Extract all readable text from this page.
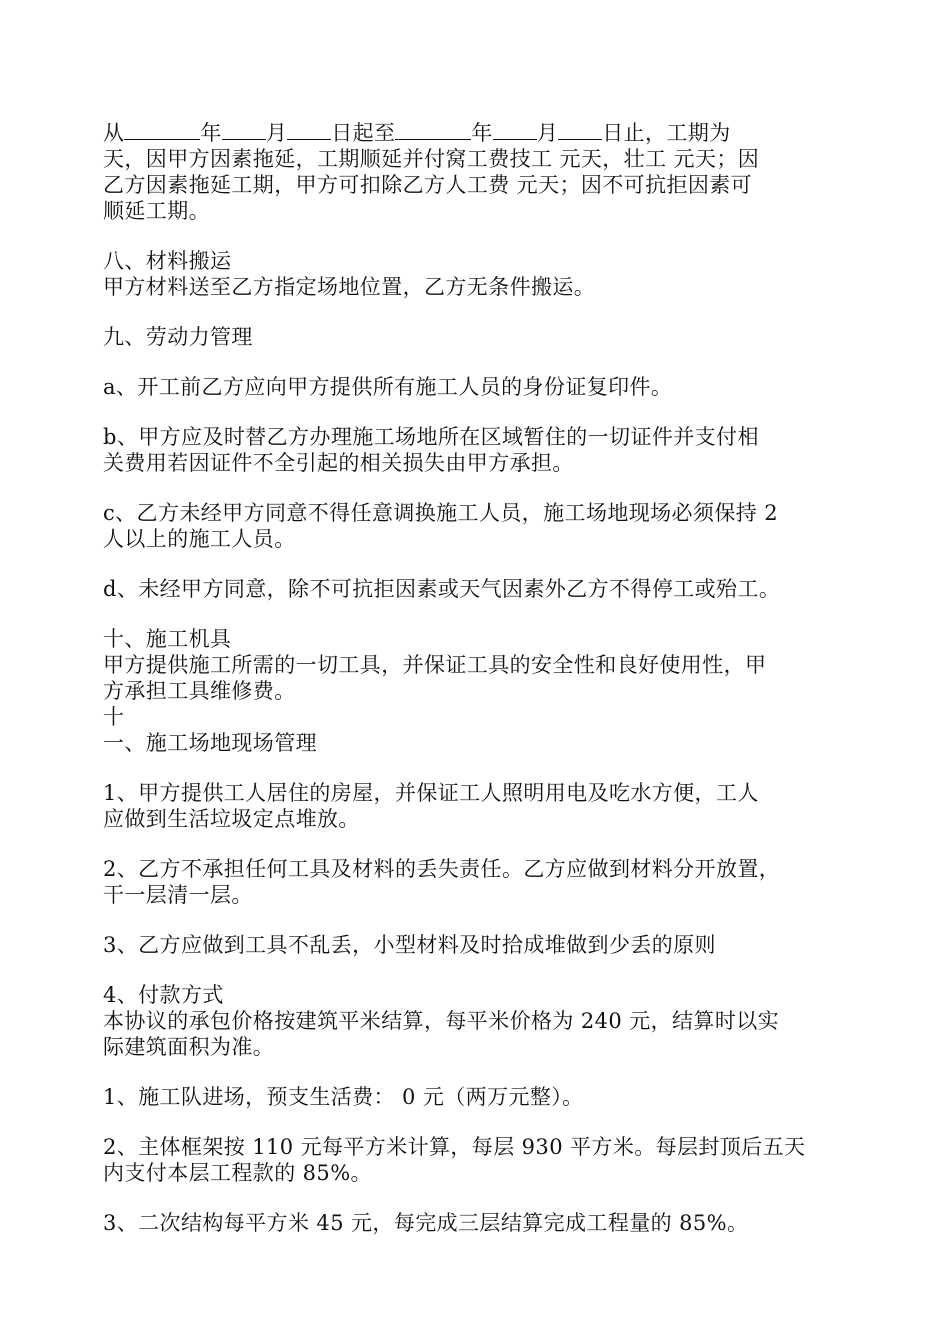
从	年 月 日起至	年 月 日止，工期为
天，因甲方因素拖延，工期顺延并付窝工费技工 元天，壮工 元天；因
乙方因素拖延工期，甲方可扣除乙方人工费 元天；因不可抗拒因素可
顺延工期。
八、材料搬运
甲方材料送至乙方指定场地位置，乙方无条件搬运。
九、劳动力管理
a、开工前乙方应向甲方提供所有施工人员的身份证复印件。
b、甲方应及时替乙方办理施工场地所在区域暂住的一切证件并支付相
关费用若因证件不全引起的相关损失由甲方承担。
c、乙方未经甲方同意不得任意调换施工人员，施工场地现场必须保持 2
人以上的施工人员。
d、未经甲方同意，除不可抗拒因素或天气因素外乙方不得停工或殆工。
十、施工机具
甲方提供施工所需的一切工具，并保证工具的安全性和良好使用性，甲
方承担工具维修费。
十
一、施工场地现场管理
1、甲方提供工人居住的房屋，并保证工人照明用电及吃水方便，工人
应做到生活垃圾定点堆放。
2、乙方不承担任何工具及材料的丢失责任。乙方应做到材料分开放置，
干一层清一层。
3、乙方应做到工具不乱丢，小型材料及时拾成堆做到少丢的原则
4、付款方式
本协议的承包价格按建筑平米结算，每平米价格为 240 元，结算时以实
际建筑面积为准。
1、施工队进场，预支生活费： 0 元（两万元整）。
2、主体框架按 110 元每平方米计算，每层 930 平方米。每层封顶后五天
内支付本层工程款的 85%。
3、二次结构每平方米 45 元，每完成三层结算完成工程量的 85%。
